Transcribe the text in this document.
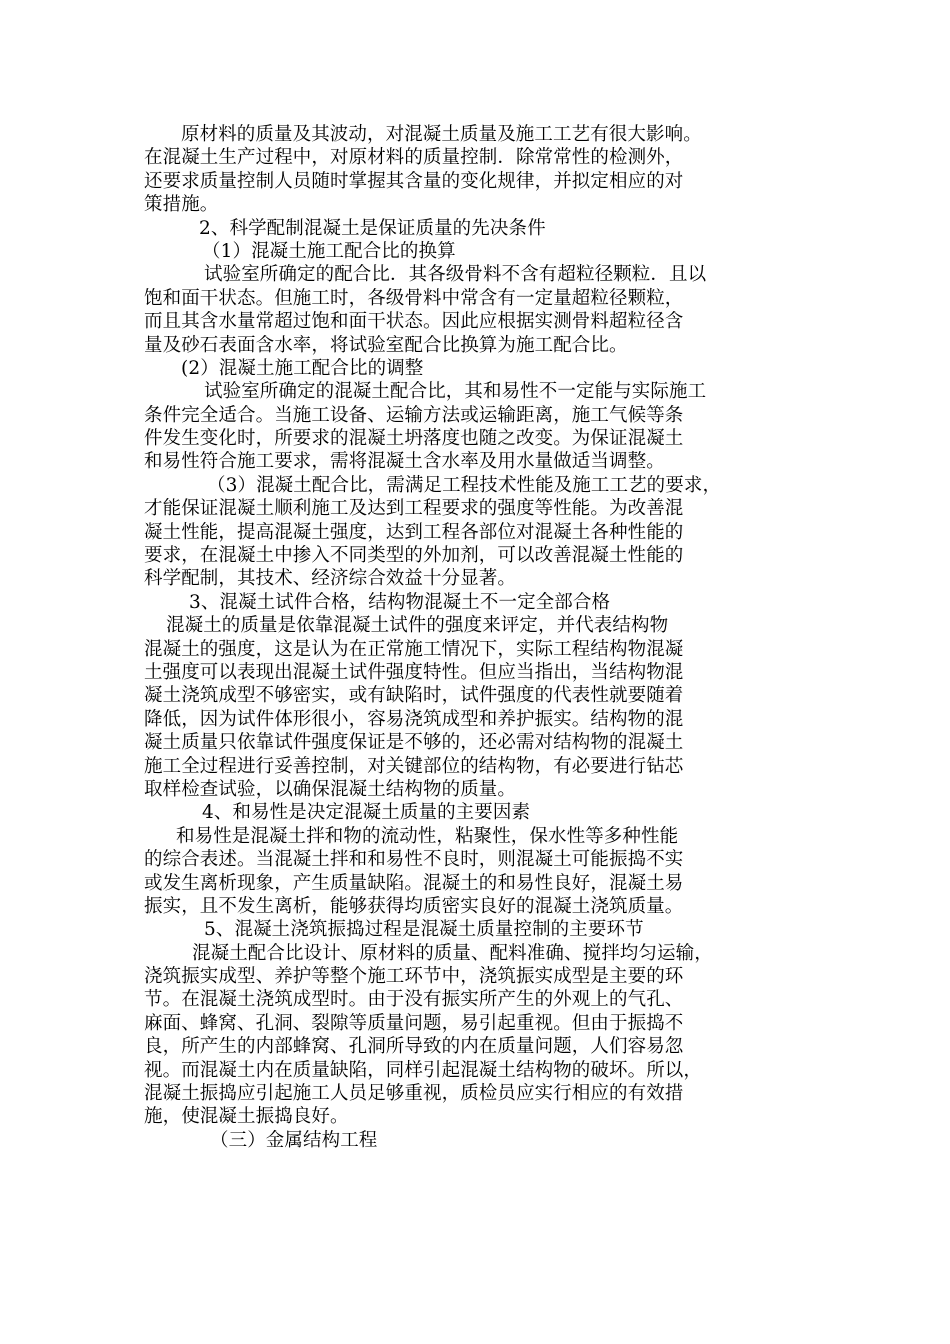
原材料的质量及其波动，对混凝土质量及施工工艺有很大影响。
在混凝土生产过程中，对原材料的质量控制．除常常性的检测外，
还要求质量控制人员随时掌握其含量的变化规律，并拟定相应的对
策措施。
2、科学配制混凝土是保证质量的先决条件
（1）混凝土施工配合比的换算
试验室所确定的配合比．其各级骨料不含有超粒径颗粒．且以
饱和面干状态。但施工时，各级骨料中常含有一定量超粒径颗粒，
而且其含水量常超过饱和面干状态。因此应根据实测骨料超粒径含
量及砂石表面含水率，将试验室配合比换算为施工配合比。
(2）混凝土施工配合比的调整
试验室所确定的混凝土配合比，其和易性不一定能与实际施工
条件完全适合。当施工设备、运输方法或运输距离，施工气候等条
件发生变化时，所要求的混凝土坍落度也随之改变。为保证混凝土
和易性符合施工要求，需将混凝土含水率及用水量做适当调整。
（3）混凝土配合比，需满足工程技术性能及施工工艺的要求，
才能保证混凝土顺利施工及达到工程要求的强度等性能。为改善混
凝土性能，提高混凝土强度，达到工程各部位对混凝土各种性能的
要求，在混凝土中掺入不同类型的外加剂，可以改善混凝土性能的
科学配制，其技术、经济综合效益十分显著。
3、混凝土试件合格，结构物混凝土不一定全部合格
混凝土的质量是依靠混凝土试件的强度来评定，并代表结构物
混凝土的强度，这是认为在正常施工情况下，实际工程结构物混凝
土强度可以表现出混凝土试件强度特性。但应当指出，当结构物混
凝土浇筑成型不够密实，或有缺陷时，试件强度的代表性就要随着
降低，因为试件体形很小，容易浇筑成型和养护振实。结构物的混
凝土质量只依靠试件强度保证是不够的，还必需对结构物的混凝土
施工全过程进行妥善控制，对关键部位的结构物，有必要进行钻芯
取样检查试验，以确保混凝土结构物的质量。
4、和易性是决定混凝土质量的主要因素
和易性是混凝土拌和物的流动性，粘聚性，保水性等多种性能
的综合表述。当混凝土拌和和易性不良时，则混凝土可能振捣不实
或发生离析现象，产生质量缺陷。混凝土的和易性良好，混凝土易
振实，且不发生离析，能够获得均质密实良好的混凝土浇筑质量。
5、混凝土浇筑振捣过程是混凝土质量控制的主要环节
混凝土配合比设计、原材料的质量、配料准确、搅拌均匀运输，
浇筑振实成型、养护等整个施工环节中，浇筑振实成型是主要的环
节。在混凝土浇筑成型时。由于没有振实所产生的外观上的气孔、
麻面、蜂窝、孔洞、裂隙等质量问题，易引起重视。但由于振捣不
良，所产生的内部蜂窝、孔洞所导致的内在质量问题，人们容易忽
视。而混凝土内在质量缺陷，同样引起混凝土结构物的破坏。所以，
混凝土振捣应引起施工人员足够重视，质检员应实行相应的有效措
施，使混凝土振捣良好。
（三）金属结构工程
